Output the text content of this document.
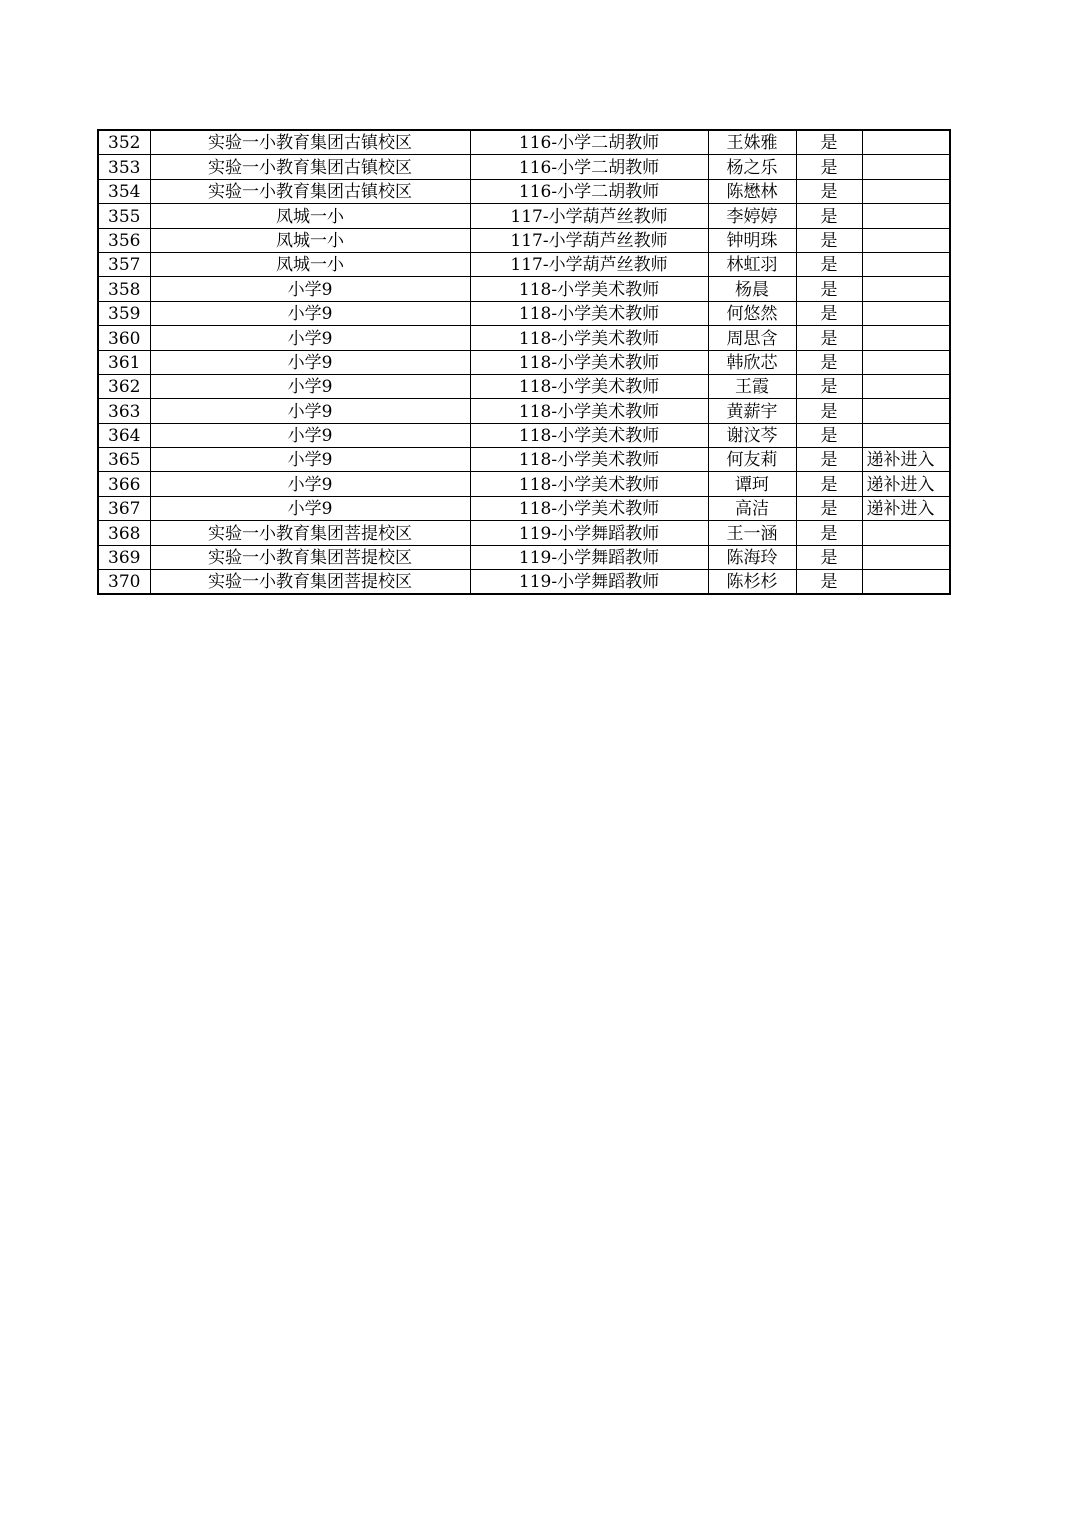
352	实验一小教育集团古镇校区	116-小学二胡教师	王姝雅	是	
353	实验一小教育集团古镇校区	116-小学二胡教师	杨之乐	是	
354	实验一小教育集团古镇校区	116-小学二胡教师	陈懋林	是	
355	凤城一小	117-小学葫芦丝教师	李婷婷	是	
356	凤城一小	117-小学葫芦丝教师	钟明珠	是	
357	凤城一小	117-小学葫芦丝教师	林虹羽	是	
358	小学9	118-小学美术教师	杨晨	是	
359	小学9	118-小学美术教师	何悠然	是	
360	小学9	118-小学美术教师	周思含	是	
361	小学9	118-小学美术教师	韩欣芯	是	
362	小学9	118-小学美术教师	王霞	是	
363	小学9	118-小学美术教师	黄薪宇	是	
364	小学9	118-小学美术教师	谢汶芩	是	
365	小学9	118-小学美术教师	何友莉	是	递补进入
366	小学9	118-小学美术教师	谭珂	是	递补进入
367	小学9	118-小学美术教师	高洁	是	递补进入
368	实验一小教育集团菩提校区	119-小学舞蹈教师	王一涵	是	
369	实验一小教育集团菩提校区	119-小学舞蹈教师	陈海玲	是	
370	实验一小教育集团菩提校区	119-小学舞蹈教师	陈杉杉	是	
